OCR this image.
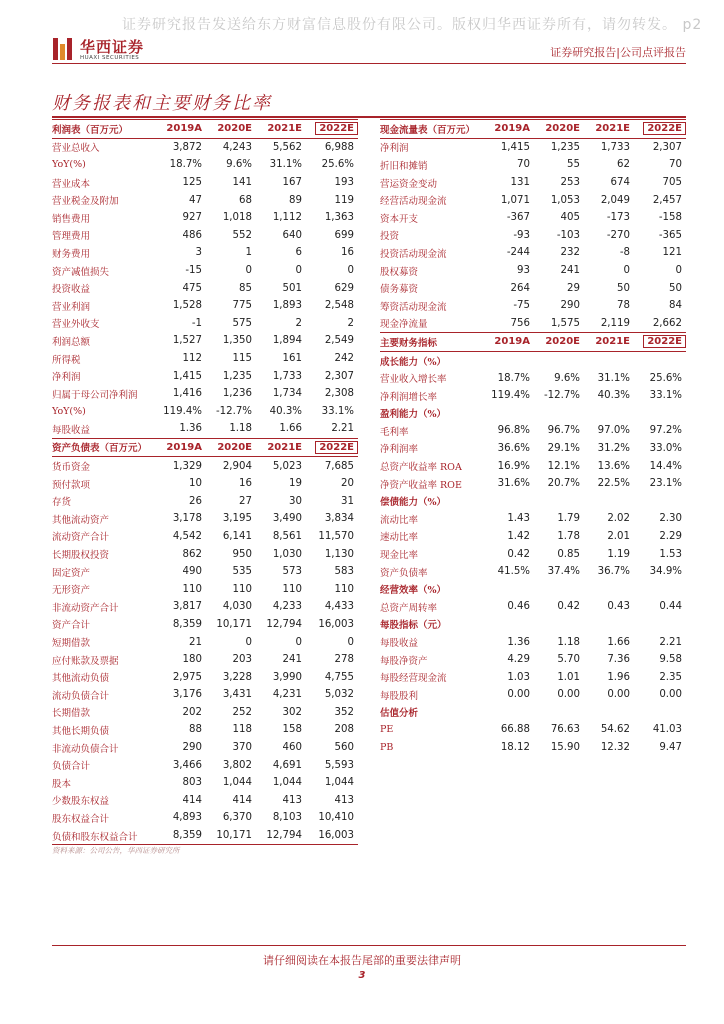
证券研究报告发送给东方财富信息股份有限公司。版权归华西证券所有，请勿转发。 p2
华西证券
HUAXI SECURITIES	证券研究报告|公司点评报告
财务报表和主要财务比率
利润表（百万元）	2019A	2020E	2021E	2022E
营业总收入	3,872	4,243	5,562	6,988
YoY(%)	18.7%	9.6%	31.1%	25.6%
营业成本	125	141	167	193
营业税金及附加	47	68	89	119
销售费用	927	1,018	1,112	1,363
管理费用	486	552	640	699
财务费用	3	1	6	16
资产减值损失	-15	0	0	0
投资收益	475	85	501	629
营业利润	1,528	775	1,893	2,548
营业外收支	-1	575	2	2
利润总额	1,527	1,350	1,894	2,549
所得税	112	115	161	242
净利润	1,415	1,235	1,733	2,307
归属于母公司净利润	1,416	1,236	1,734	2,308
YoY(%)	119.4%	-12.7%	40.3%	33.1%
每股收益	1.36	1.18	1.66	2.21
资产负债表（百万元）	2019A	2020E	2021E	2022E
货币资金	1,329	2,904	5,023	7,685
预付款项	10	16	19	20
存货	26	27	30	31
其他流动资产	3,178	3,195	3,490	3,834
流动资产合计	4,542	6,141	8,561	11,570
长期股权投资	862	950	1,030	1,130
固定资产	490	535	573	583
无形资产	110	110	110	110
非流动资产合计	3,817	4,030	4,233	4,433
资产合计	8,359	10,171	12,794	16,003
短期借款	21	0	0	0
应付账款及票据	180	203	241	278
其他流动负债	2,975	3,228	3,990	4,755
流动负债合计	3,176	3,431	4,231	5,032
长期借款	202	252	302	352
其他长期负债	88	118	158	208
非流动负债合计	290	370	460	560
负债合计	3,466	3,802	4,691	5,593
股本	803	1,044	1,044	1,044
少数股东权益	414	414	413	413
股东权益合计	4,893	6,370	8,103	10,410
负债和股东权益合计	8,359	10,171	12,794	16,003
现金流量表（百万元）	2019A	2020E	2021E	2022E
净利润	1,415	1,235	1,733	2,307
折旧和摊销	70	55	62	70
营运资金变动	131	253	674	705
经营活动现金流	1,071	1,053	2,049	2,457
资本开支	-367	405	-173	-158
投资	-93	-103	-270	-365
投资活动现金流	-244	232	-8	121
股权募资	93	241	0	0
债务募资	264	29	50	50
筹资活动现金流	-75	290	78	84
现金净流量	756	1,575	2,119	2,662
主要财务指标	2019A	2020E	2021E	2022E
成长能力（%）				
营业收入增长率	18.7%	9.6%	31.1%	25.6%
净利润增长率	119.4%	-12.7%	40.3%	33.1%
盈利能力（%）				
毛利率	96.8%	96.7%	97.0%	97.2%
净利润率	36.6%	29.1%	31.2%	33.0%
总资产收益率 ROA	16.9%	12.1%	13.6%	14.4%
净资产收益率 ROE	31.6%	20.7%	22.5%	23.1%
偿债能力（%）				
流动比率	1.43	1.79	2.02	2.30
速动比率	1.42	1.78	2.01	2.29
现金比率	0.42	0.85	1.19	1.53
资产负债率	41.5%	37.4%	36.7%	34.9%
经营效率（%）				
总资产周转率	0.46	0.42	0.43	0.44
每股指标（元）				
每股收益	1.36	1.18	1.66	2.21
每股净资产	4.29	5.70	7.36	9.58
每股经营现金流	1.03	1.01	1.96	2.35
每股股利	0.00	0.00	0.00	0.00
估值分析				
PE	66.88	76.63	54.62	41.03
PB	18.12	15.90	12.32	9.47
资料来源：公司公告，华西证券研究所
请仔细阅读在本报告尾部的重要法律声明
3
